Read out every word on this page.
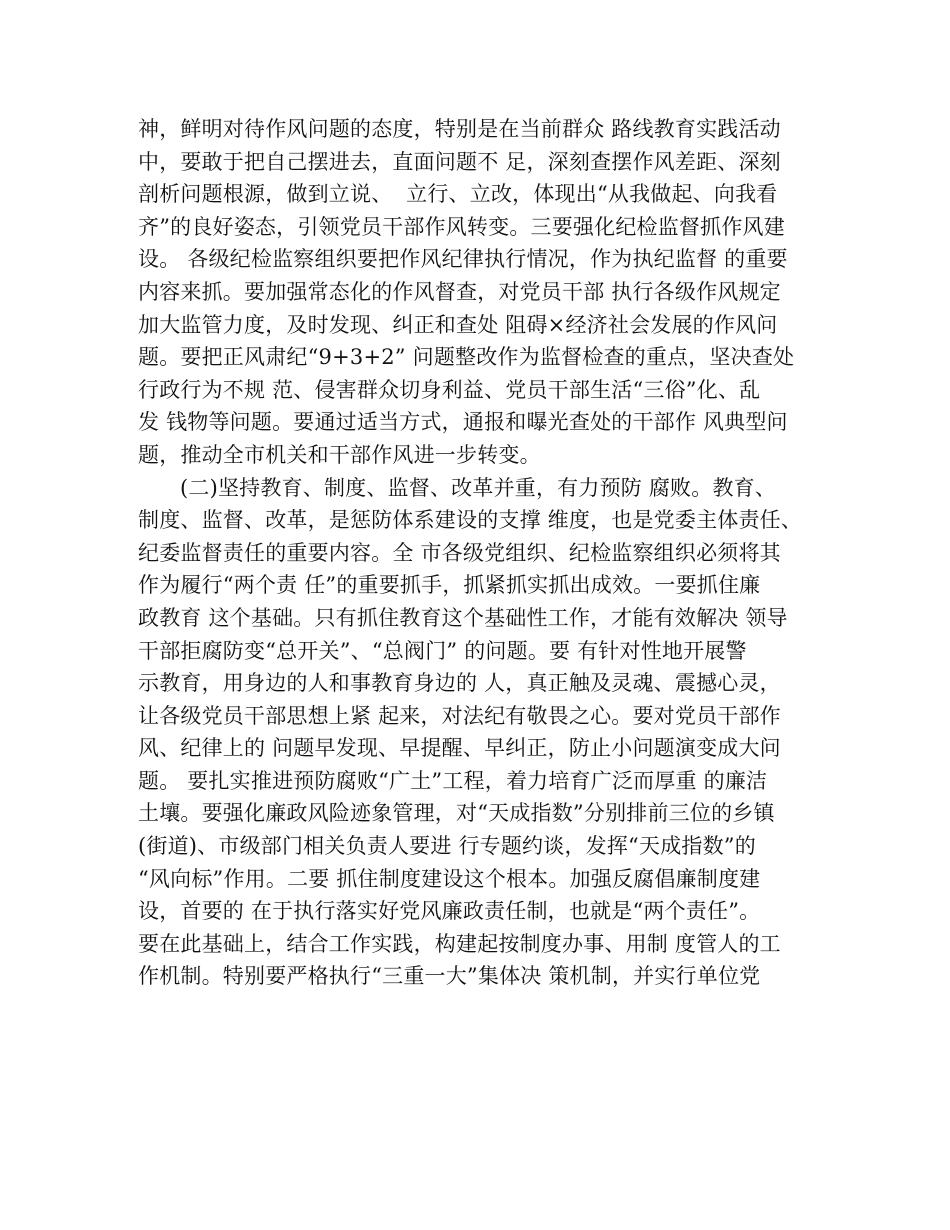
神，鲜明对待作风问题的态度，特别是在当前群众 路线教育实践活动
中，要敢于把自己摆进去，直面问题不 足，深刻查摆作风差距、深刻
剖析问题根源，做到立说、  立行、立改，体现出“从我做起、向我看
齐”的良好姿态，引领党员干部作风转变。三要强化纪检监督抓作风建
设。 各级纪检监察组织要把作风纪律执行情况，作为执纪监督 的重要
内容来抓。要加强常态化的作风督查，对党员干部 执行各级作风规定
加大监管力度，及时发现、纠正和查处 阻碍×经济社会发展的作风问
题。要把正风肃纪“9+3+2” 问题整改作为监督检查的重点，坚决查处
行政行为不规 范、侵害群众切身利益、党员干部生活“三俗”化、乱
发 钱物等问题。要通过适当方式，通报和曝光查处的干部作 风典型问
题，推动全市机关和干部作风进一步转变。
(二)坚持教育、制度、监督、改革并重，有力预防 腐败。教育、
制度、监督、改革，是惩防体系建设的支撑 维度，也是党委主体责任、
纪委监督责任的重要内容。全 市各级党组织、纪检监察组织必须将其
作为履行“两个责 任”的重要抓手，抓紧抓实抓出成效。一要抓住廉
政教育 这个基础。只有抓住教育这个基础性工作，才能有效解决 领导
干部拒腐防变“总开关”、“总阀门” 的问题。要 有针对性地开展警
示教育，用身边的人和事教育身边的 人，真正触及灵魂、震撼心灵，
让各级党员干部思想上紧 起来，对法纪有敬畏之心。要对党员干部作
风、纪律上的 问题早发现、早提醒、早纠正，防止小问题演变成大问
题。 要扎实推进预防腐败“广土”工程，着力培育广泛而厚重 的廉洁
土壤。要强化廉政风险迹象管理，对“天成指数”分别排前三位的乡镇
(街道)、市级部门相关负责人要进 行专题约谈，发挥“天成指数”的
“风向标”作用。二要 抓住制度建设这个根本。加强反腐倡廉制度建
设，首要的 在于执行落实好党风廉政责任制，也就是“两个责任”。
要在此基础上，结合工作实践，构建起按制度办事、用制 度管人的工
作机制。特别要严格执行“三重一大”集体决 策机制，并实行单位党
